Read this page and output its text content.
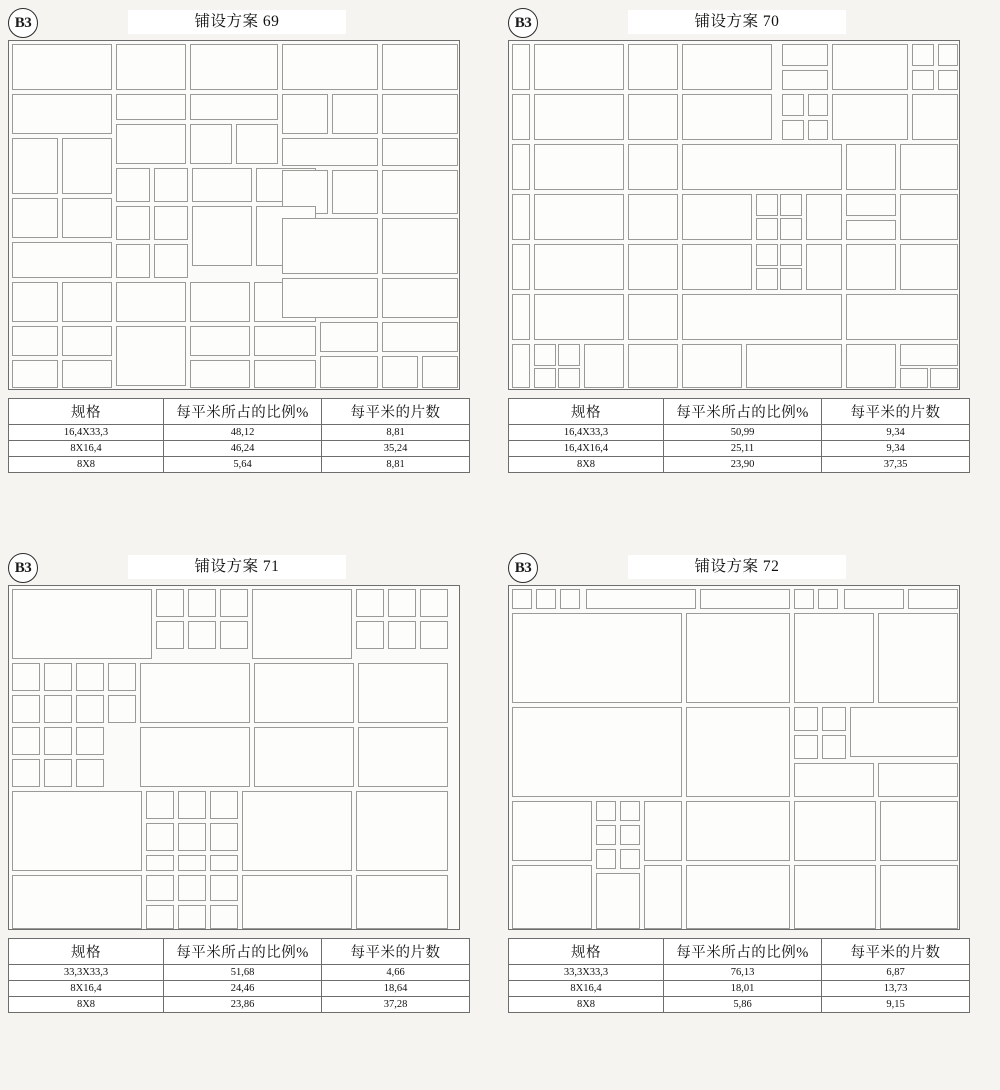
B3	铺设方案 69
规格	每平米所占的比例%	每平米的片数
16,4X33,3	48,12	8,81
8X16,4	46,24	35,24
8X8	5,64	8,81
B3	铺设方案 70
规格	每平米所占的比例%	每平米的片数
16,4X33,3	50,99	9,34
16,4X16,4	25,11	9,34
8X8	23,90	37,35
B3	铺设方案 71
规格	每平米所占的比例%	每平米的片数
33,3X33,3	51,68	4,66
8X16,4	24,46	18,64
8X8	23,86	37,28
B3	铺设方案 72
规格	每平米所占的比例%	每平米的片数
33,3X33,3	76,13	6,87
8X16,4	18,01	13,73
8X8	5,86	9,15
